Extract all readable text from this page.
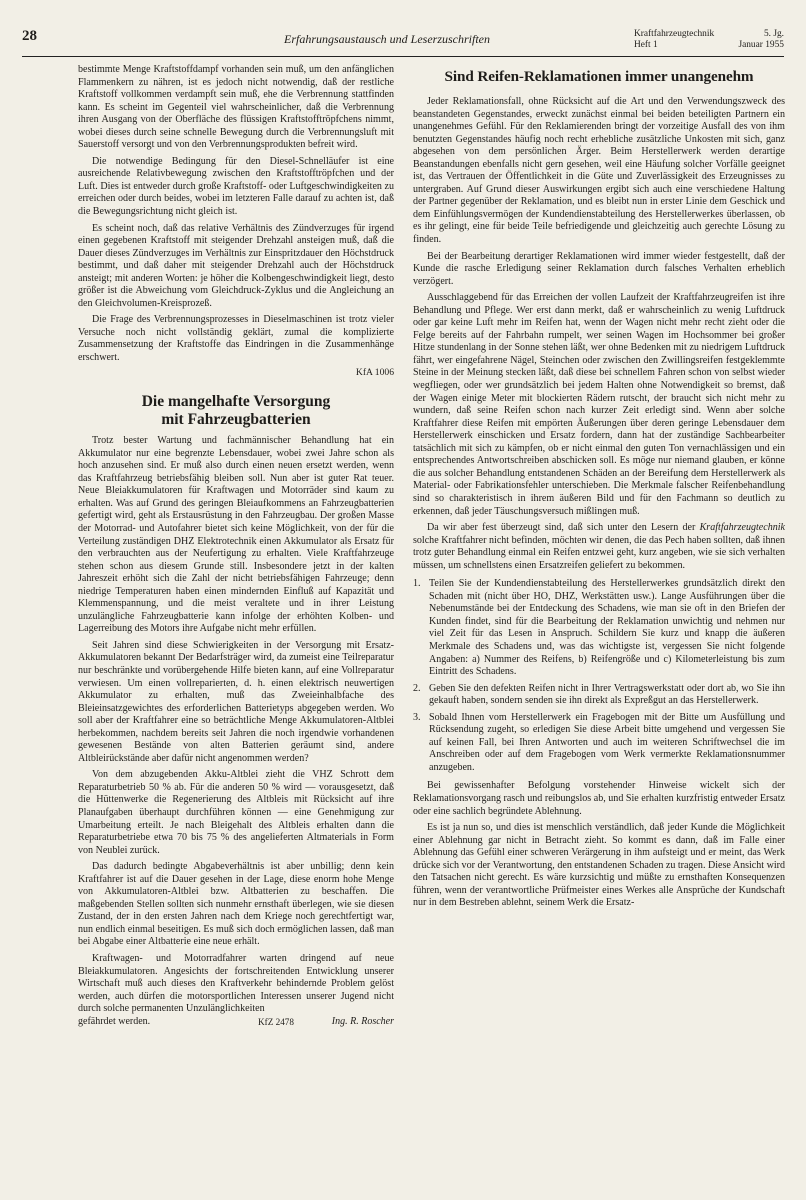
28	Erfahrungsaustausch und Leserzuschriften	Kraftfahrzeugtechnik	5. Jg.
Heft 1	Januar 1955

bestimmte Menge Kraftstoffdampf vorhanden sein muß, um den anfänglichen Flammenkern zu nähren, ist es jedoch nicht notwendig, daß der restliche Kraftstoff vollkommen verdampft sein muß, ehe die Verbrennung stattfinden kann. Es scheint im Gegenteil viel wahrscheinlicher, daß die Verbrennung ihren Ausgang von der Oberfläche des flüssigen Kraftstofftröpfchens nimmt, wobei dieses durch seine schnelle Bewegung durch die Verbrennungsluft mit Sauerstoff versorgt und von den Verbrennungsprodukten befreit wird.

Die notwendige Bedingung für den Diesel-Schnelläufer ist eine ausreichende Relativbewegung zwischen den Kraftstofftröpfchen und der Luft. Dies ist entweder durch große Kraftstoff- oder Luftgeschwindigkeiten zu erreichen oder durch beides, wobei im letzteren Falle darauf zu achten ist, daß die Bewegungsrichtung nicht gleich ist.

Es scheint noch, daß das relative Verhältnis des Zündverzuges für irgend einen gegebenen Kraftstoff mit steigender Drehzahl ansteigen muß, daß die Dauer dieses Zündverzuges im Verhältnis zur Einspritzdauer den Höchstdruck bestimmt, und daß daher mit steigender Drehzahl auch der Höchstdruck ansteigt; mit anderen Worten: je höher die Kolbengeschwindigkeit liegt, desto größer ist die Abweichung vom Gleichdruck-Zyklus und die Angleichung an den Gleichvolumen-Kreisprozeß.

Die Frage des Verbrennungsprozesses in Dieselmaschinen ist trotz vieler Versuche noch nicht vollständig geklärt, zumal die komplizierte Zusammensetzung der Kraftstoffe das Eindringen in die Zusammenhänge erschwert.

KfA 1006
Die mangelhafte Versorgung
mit Fahrzeugbatterien

Trotz bester Wartung und fachmännischer Behandlung hat ein Akkumulator nur eine begrenzte Lebensdauer, wobei zwei Jahre schon als hoch anzusehen sind. Er muß also durch einen neuen ersetzt werden, wenn das Kraftfahrzeug betriebsfähig bleiben soll. Nun aber ist guter Rat teuer. Neue Bleiakkumulatoren für Kraftwagen und Motorräder sind kaum zu erhalten. Was auf Grund des geringen Bleiaufkommens an Fahrzeugbatterien gefertigt wird, geht als Erstausrüstung in den Fahrzeugbau. Der großen Masse der Motorrad- und Autofahrer bietet sich keine Möglichkeit, von der für die Verteilung zuständigen DHZ Elektrotechnik einen Akkumulator als Ersatz für den verbrauchten aus der Neufertigung zu erhalten. Viele Kraftfahrzeuge stehen schon aus diesem Grunde still. Insbesondere jetzt in der kalten Jahreszeit erhöht sich die Zahl der nicht betriebsfähigen Fahrzeuge; denn niedrige Temperaturen haben einen mindernden Einfluß auf Kapazität und Klemmenspannung, und die meist veraltete und in ihrer Leistung unzulängliche Fahrzeugbatterie kann infolge der erhöhten Kolben- und Lagerreibung des Motors ihre Aufgabe nicht mehr erfüllen.

Seit Jahren sind diese Schwierigkeiten in der Versorgung mit Ersatz-Akkumulatoren bekannt Der Bedarfsträger wird, da zumeist eine Teilreparatur nur beschränkte und vorübergehende Hilfe bieten kann, auf eine Vollreparatur verwiesen. Um einen vollreparierten, d. h. einen elektrisch neuwertigen Akkumulator zu erhalten, muß das Zweieinhalbfache des Bleieinsatzgewichtes des erforderlichen Batterietyps abgegeben werden. Wo soll aber der Kraftfahrer eine so beträchtliche Menge Akkumulatoren-Altblei herbekommen, nachdem bereits seit Jahren die noch irgendwie vorhandenen gewesenen Bestände von alten Batterien geräumt sind, andere Altbleirückstände aber dafür nicht angenommen werden?

Von dem abzugebenden Akku-Altblei zieht die VHZ Schrott dem Reparaturbetrieb 50 % ab. Für die anderen 50 % wird — vorausgesetzt, daß die Hüttenwerke die Regenerierung des Altbleis mit Rücksicht auf ihre Planaufgaben überhaupt durchführen können — eine Genehmigung zur Umarbeitung erteilt. Je nach Bleigehalt des Altbleis erhalten dann die Reparaturbetriebe etwa 70 bis 75 % des angelieferten Altmaterials in Form von Neublei zurück.

Das dadurch bedingte Abgabeverhältnis ist aber unbillig; denn kein Kraftfahrer ist auf die Dauer gesehen in der Lage, diese enorm hohe Menge von Akkumulatoren-Altblei bzw. Altbatterien zu beschaffen. Die maßgebenden Stellen sollten sich nunmehr ernsthaft überlegen, wie sie diesen Zustand, der in den ersten Jahren nach dem Kriege noch gerechtfertigt war, nun endlich einmal beseitigen. Es muß sich doch ermöglichen lassen, daß man bei Abgabe einer Altbatterie eine neue erhält.

Kraftwagen- und Motorradfahrer warten dringend auf neue Bleiakkumulatoren. Angesichts der fortschreitenden Entwicklung unserer Wirtschaft muß auch dieses den Kraftverkehr behindernde Problem gelöst werden, auch dürfen die motorsportlichen Interessen unserer Jugend nicht durch solche permanenten Unzulänglichkeiten

gefährdet werden.	KfZ 2478	Ing. R. Roscher
Sind Reifen-Reklamationen immer unangenehm

Jeder Reklamationsfall, ohne Rücksicht auf die Art und den Verwendungszweck des beanstandeten Gegenstandes, erweckt zunächst einmal bei beiden beteiligten Partnern ein unangenehmes Gefühl. Für den Reklamierenden bringt der vorzeitige Ausfall des von ihm benutzten Gegenstandes häufig noch recht erhebliche zusätzliche Unkosten mit sich, ganz abgesehen von dem persönlichen Ärger. Beim Herstellerwerk werden derartige Beanstandungen ebenfalls nicht gern gesehen, weil eine Häufung solcher Vorfälle geeignet ist, das Vertrauen der Öffentlichkeit in die Güte und Zuverlässigkeit des Erzeugnisses zu untergraben. Auf Grund dieser Auswirkungen ergibt sich auch eine verschiedene Haltung der Partner gegenüber der Reklamation, und es bleibt nun in erster Linie dem Geschick und dem Einfühlungsvermögen der Kundendienstabteilung des Herstellerwerkes überlassen, ob es ihr gelingt, eine für beide Teile befriedigende und gleichzeitig auch gerechte Lösung zu finden.

Bei der Bearbeitung derartiger Reklamationen wird immer wieder festgestellt, daß der Kunde die rasche Erledigung seiner Reklamation durch falsches Verhalten erheblich verzögert.

Ausschlaggebend für das Erreichen der vollen Laufzeit der Kraftfahrzeugreifen ist ihre Behandlung und Pflege. Wer erst dann merkt, daß er wahrscheinlich zu wenig Luftdruck oder gar keine Luft mehr im Reifen hat, wenn der Wagen nicht mehr recht zieht oder die Felge bereits auf der Fahrbahn rumpelt, wer seinen Wagen im Hochsommer bei großer Hitze stundenlang in der Sonne stehen läßt, wer ohne Bedenken mit zu niedrigem Luftdruck fährt, wer eingefahrene Nägel, Steinchen oder zwischen den Zwillingsreifen festgeklemmte Steine in der Meinung stecken läßt, daß diese bei schnellem Fahren schon von selbst wieder wegfliegen, oder wer grundsätzlich bei jedem Halten ohne Notwendigkeit so bremst, daß der Wagen einige Meter mit blockierten Rädern rutscht, der braucht sich nicht mehr zu wundern, daß seine Reifen schon nach kurzer Zeit erledigt sind. Wenn aber solche Kraftfahrer diese Reifen mit empörten Äußerungen über deren geringe Lebensdauer dem Herstellerwerk einschicken und Ersatz fordern, dann hat der zuständige Sachbearbeiter tatsächlich mit sich zu kämpfen, ob er nicht einmal den guten Ton vernachlässigen und ein entsprechendes Antwortschreiben abschicken soll. Es möge nur niemand glauben, er könne die aus solcher Behandlung entstandenen Schäden an der Bereifung dem Herstellerwerk als Material- oder Fabrikationsfehler unterschieben. Die Merkmale falscher Reifenbehandlung sind so charakteristisch in ihrem äußeren Bild und für den Fachmann so deutlich zu erkennen, daß jeder Täuschungsversuch mißlingen muß.

Da wir aber fest überzeugt sind, daß sich unter den Lesern der Kraftfahrzeugtechnik solche Kraftfahrer nicht befinden, möchten wir denen, die das Pech haben sollten, daß ihnen trotz guter Behandlung einmal ein Reifen entzwei geht, kurz angeben, wie sie sich verhalten müssen, um schnellstens einen Ersatzreifen geliefert zu bekommen.

1. Teilen Sie der Kundendienstabteilung des Herstellerwerkes grundsätzlich direkt den Schaden mit (nicht über HO, DHZ, Werkstätten usw.). Lange Ausführungen über die Nebenumstände bei der Entdeckung des Schadens, wie man sie oft in den Briefen der Kunden findet, sind für die Bearbeitung der Reklamation unwichtig und nehmen nur viel Zeit für das Lesen in Anspruch. Schildern Sie kurz und knapp die äußeren Merkmale des Schadens und, was das wichtigste ist, vergessen Sie nicht folgende Angaben: a) Nummer des Reifens, b) Reifengröße und c) Kilometerleistung bis zum Eintritt des Schadens.
2. Geben Sie den defekten Reifen nicht in Ihrer Vertragswerkstatt oder dort ab, wo Sie ihn gekauft haben, sondern senden sie ihn direkt als Expreßgut an das Herstellerwerk.
3. Sobald Ihnen vom Herstellerwerk ein Fragebogen mit der Bitte um Ausfüllung und Rücksendung zugeht, so erledigen Sie diese Arbeit bitte umgehend und vergessen Sie auf keinen Fall, bei Ihren Antworten und auch im weiteren Schriftwechsel die im Anschreiben oder auf dem Fragebogen vom Werk vermerkte Reklamationsnummer anzugeben.

Bei gewissenhafter Befolgung vorstehender Hinweise wickelt sich der Reklamationsvorgang rasch und reibungslos ab, und Sie erhalten kurzfristig entweder Ersatz oder eine sachlich begründete Ablehnung.

Es ist ja nun so, und dies ist menschlich verständlich, daß jeder Kunde die Möglichkeit einer Ablehnung gar nicht in Betracht zieht. So kommt es dann, daß im Falle einer Ablehnung das Gefühl einer schweren Verärgerung in ihm aufsteigt und er meint, das Werk drücke sich vor der Verantwortung, den entstandenen Schaden zu tragen. Diese Ansicht wird den Tatsachen nicht gerecht. Es wäre kurzsichtig und müßte zu ernsthaften Konsequenzen führen, wenn der verantwortliche Prüfmeister eines Werkes alle Ansprüche der Kundschaft nur in dem Bestreben ablehnt, seinem Werk die Ersatz-
